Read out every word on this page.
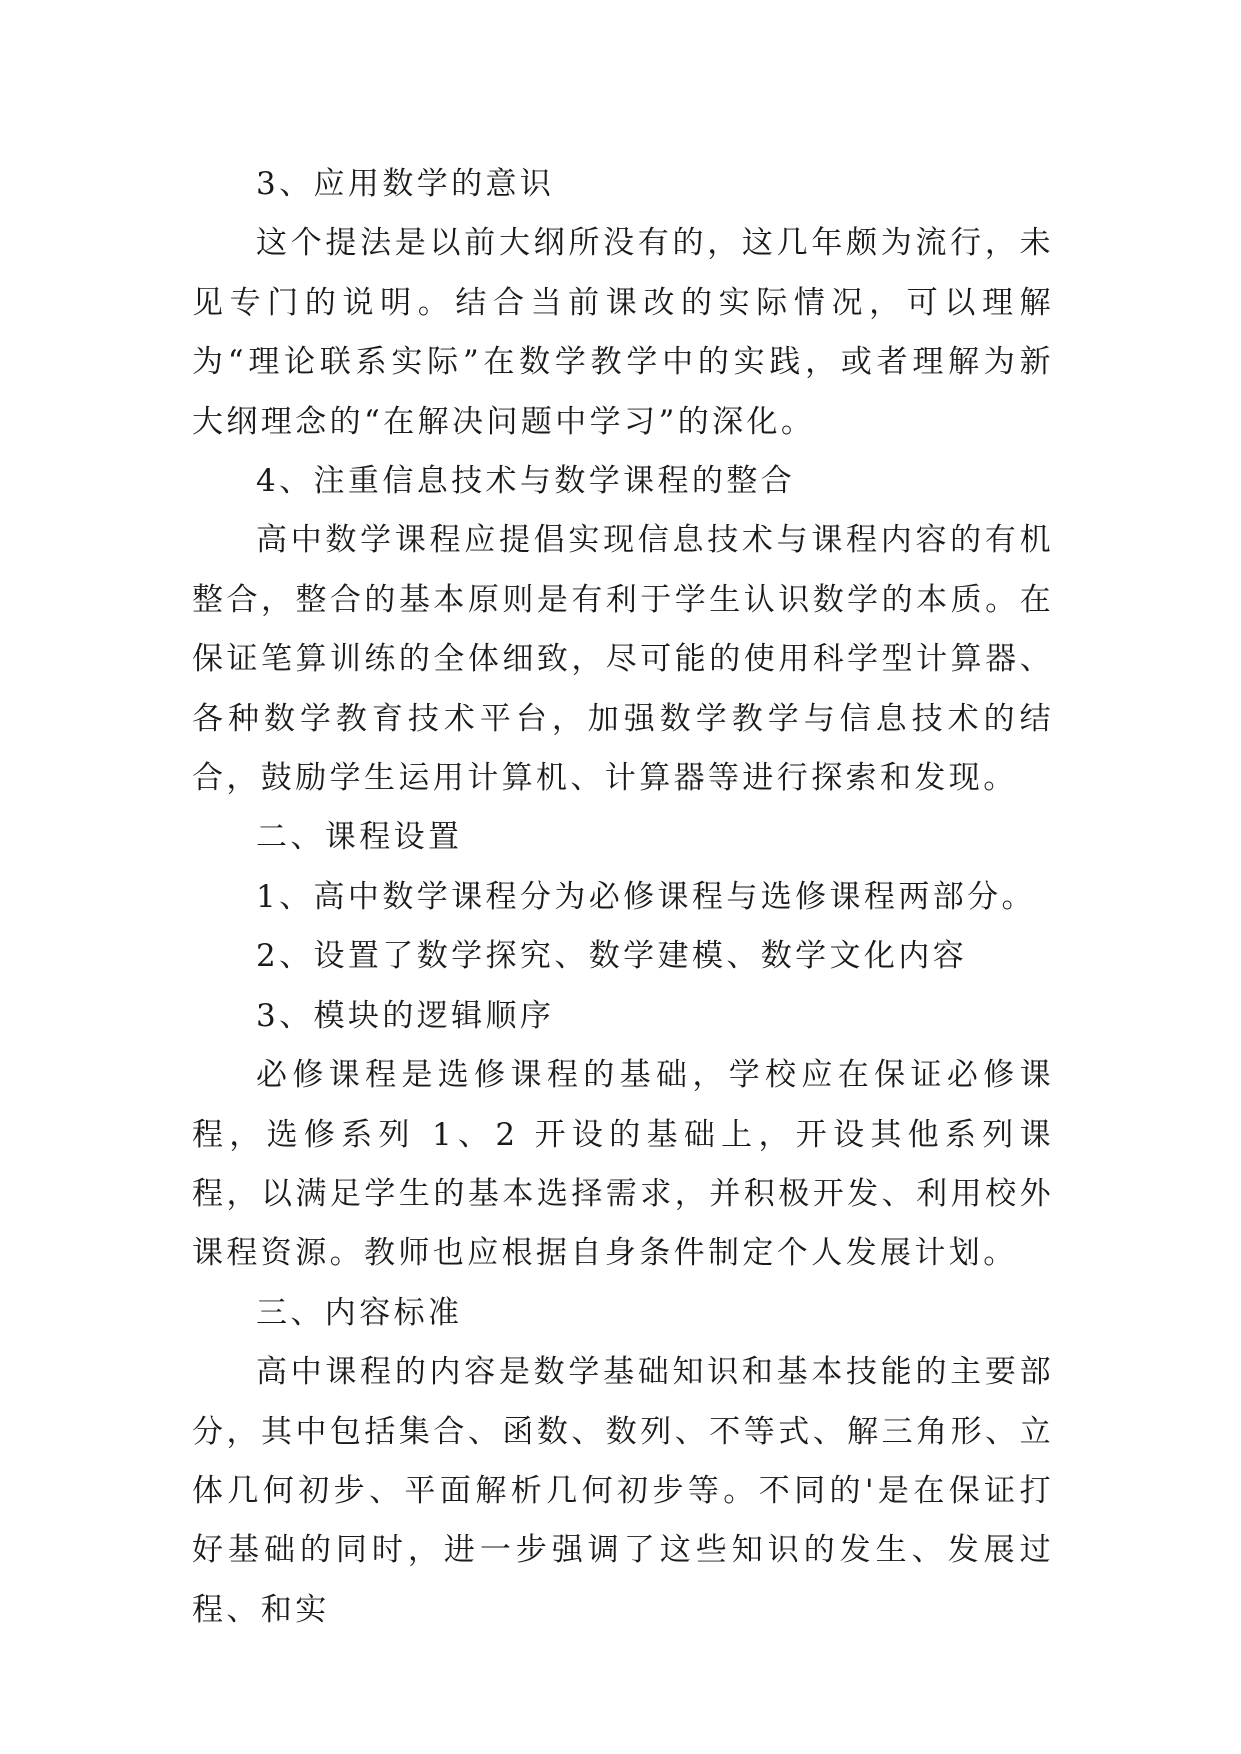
3、应用数学的意识

这个提法是以前大纲所没有的，这几年颇为流行，未见专门的说明。结合当前课改的实际情况，可以理解为“理论联系实际”在数学教学中的实践，或者理解为新大纲理念的“在解决问题中学习”的深化。

4、注重信息技术与数学课程的整合

高中数学课程应提倡实现信息技术与课程内容的有机整合，整合的基本原则是有利于学生认识数学的本质。在保证笔算训练的全体细致，尽可能的使用科学型计算器、各种数学教育技术平台，加强数学教学与信息技术的结合，鼓励学生运用计算机、计算器等进行探索和发现。

二、课程设置

1、高中数学课程分为必修课程与选修课程两部分。

2、设置了数学探究、数学建模、数学文化内容

3、模块的逻辑顺序

必修课程是选修课程的基础，学校应在保证必修课程，选修系列 1、2 开设的基础上，开设其他系列课程，以满足学生的基本选择需求，并积极开发、利用校外课程资源。教师也应根据自身条件制定个人发展计划。

三、内容标准

高中课程的内容是数学基础知识和基本技能的主要部分，其中包括集合、函数、数列、不等式、解三角形、立体几何初步、平面解析几何初步等。不同的'是在保证打好基础的同时，进一步强调了这些知识的发生、发展过程、和实
